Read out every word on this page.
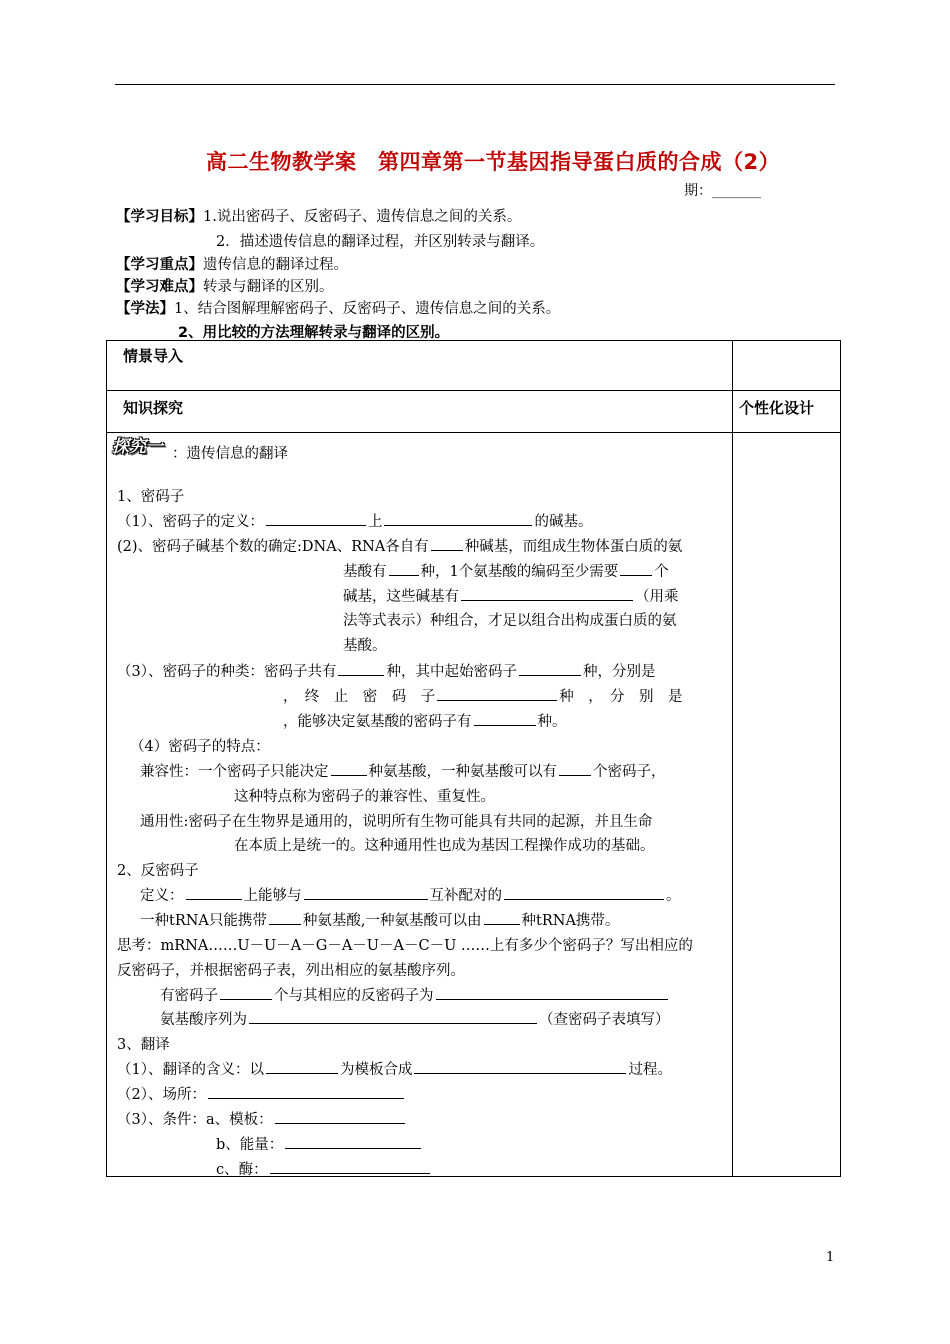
高二生物教学案　第四章第一节基因指导蛋白质的合成（2）
期：_______
【学习目标】1.说出密码子、反密码子、遗传信息之间的关系。
2．描述遗传信息的翻译过程，并区别转录与翻译。
【学习重点】遗传信息的翻译过程。
【学习难点】转录与翻译的区别。
【学法】1、结合图解理解密码子、反密码子、遗传信息之间的关系。
2、用比较的方法理解转录与翻译的区别。
情景导入	

知识探究	个性化设计

探究一 ：遗传信息的翻译
1、密码子
（1）、密码子的定义：	上	的碱基。
(2)、密码子碱基个数的确定:DNA、RNA各自有 种碱基，而组成生物体蛋白质的氨
基酸有 种，1个氨基酸的编码至少需要 个
碱基，这些碱基有	（用乘
法等式表示）种组合，才足以组合出构成蛋白质的氨
基酸。
（3）、密码子的种类：密码子共有	种，其中起始密码子	种，分别是
，　终　止　密　码　子	种　，　分　别　是
，能够决定氨基酸的密码子有	种。
（4）密码子的特点：
兼容性：一个密码子只能决定	种氨基酸，一种氨基酸可以有 个密码子，
这种特点称为密码子的兼容性、重复性。
通用性:密码子在生物界是通用的，说明所有生物可能具有共同的起源，并且生命
在本质上是统一的。这种通用性也成为基因工程操作成功的基础。
2、反密码子
定义：	上能够与	互补配对的	。
一种tRNA只能携带 种氨基酸,一种氨基酸可以由	种tRNA携带。
思考：mRNA……U－U－A－G－A－U－A－C－U ……上有多少个密码子？写出相应的
反密码子，并根据密码子表，列出相应的氨基酸序列。
有密码子	个与其相应的反密码子为
氨基酸序列为	（查密码子表填写）
3、翻译
（1）、翻译的含义：以	为模板合成	过程。
（2）、场所：
（3）、条件：a、模板：
b、能量：
c、酶：
1
